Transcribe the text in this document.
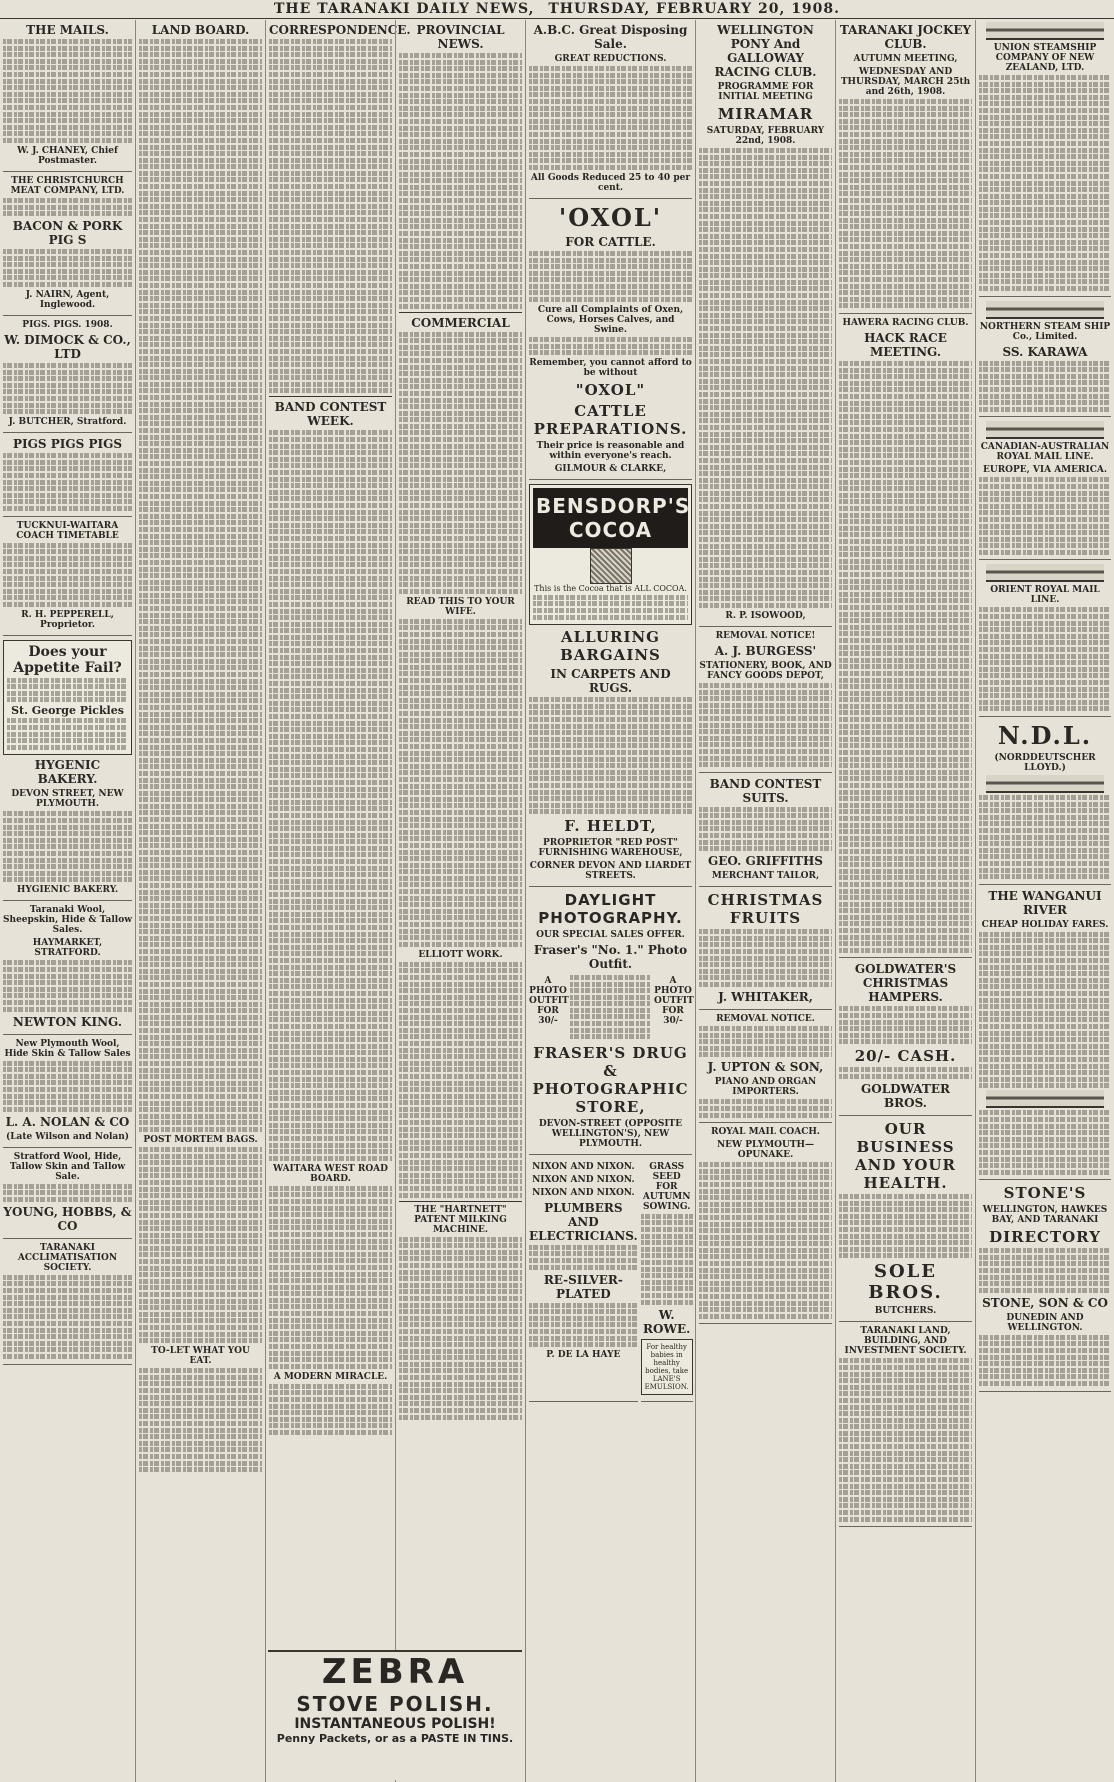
THE TARANAKI DAILY NEWS, THURSDAY, FEBRUARY 20, 1908.
THE MAILS.
W. J. CHANEY, Chief Postmaster.
THE CHRISTCHURCH MEAT COMPANY, LTD.
BACON & PORK PIG S
J. NAIRN, Agent, Inglewood.
PIGS. PIGS. 1908.
W. DIMOCK & CO., LTD
J. BUTCHER, Stratford.
PIGS PIGS PIGS
TUCKNUI-WAITARA COACH TIMETABLE
R. H. PEPPERELL, Proprietor.
Does your Appetite Fail?
St. George Pickles
HYGENIC BAKERY.
DEVON STREET, NEW PLYMOUTH.
HYGIENIC BAKERY.
Taranaki Wool, Sheepskin, Hide & Tallow Sales.
HAYMARKET, STRATFORD.
NEWTON KING.
New Plymouth Wool, Hide Skin & Tallow Sales
L. A. NOLAN & CO
(Late Wilson and Nolan)
Stratford Wool, Hide, Tallow Skin and Tallow Sale.
YOUNG, HOBBS, & CO
TARANAKI ACCLIMATISATION SOCIETY.
LAND BOARD.
POST MORTEM BAGS.
TO-LET WHAT YOU EAT.
CORRESPONDENCE.
BAND CONTEST WEEK.
WAITARA WEST ROAD BOARD.
A MODERN MIRACLE.
PROVINCIAL NEWS.
COMMERCIAL
READ THIS TO YOUR WIFE.
ELLIOTT WORK.
THE "HARTNETT" PATENT MILKING MACHINE.
ZEBRA
STOVE POLISH.
INSTANTANEOUS POLISH!
Penny Packets, or as a PASTE IN TINS.
A.B.C. Great Disposing Sale.
GREAT REDUCTIONS.
All Goods Reduced 25 to 40 per cent.
'OXOL'
FOR CATTLE.
Cure all Complaints of Oxen, Cows, Horses Calves, and Swine.
Remember, you cannot afford to be without
"OXOL"
CATTLE PREPARATIONS.
Their price is reasonable and within everyone's reach.
GILMOUR & CLARKE,
BENSDORP'S COCOA
This is the Cocoa that is ALL COCOA.
ALLURING BARGAINS
IN CARPETS AND RUGS.
F. HELDT,
PROPRIETOR "RED POST" FURNISHING WAREHOUSE,
CORNER DEVON AND LIARDET STREETS.
DAYLIGHT PHOTOGRAPHY.
OUR SPECIAL SALES OFFER.
Fraser's "No. 1." Photo Outfit.
A PHOTO OUTFIT FOR 30/-
A PHOTO OUTFIT FOR 30/-
FRASER'S DRUG & PHOTOGRAPHIC STORE,
DEVON-STREET (OPPOSITE WELLINGTON'S), NEW PLYMOUTH.
NIXON AND NIXON.
NIXON AND NIXON.
NIXON AND NIXON.
PLUMBERS AND ELECTRICIANS.
RE-SILVER-PLATED
P. DE LA HAYE
GRASS SEED FOR AUTUMN SOWING.
W. ROWE.
For healthy babies in healthy bodies, take LANE'S EMULSION.
WELLINGTON PONY And GALLOWAY RACING CLUB.
PROGRAMME FOR INITIAL MEETING
MIRAMAR
SATURDAY, FEBRUARY 22nd, 1908.
R. P. ISOWOOD,
REMOVAL NOTICE!
A. J. BURGESS'
STATIONERY, BOOK, AND FANCY GOODS DEPOT,
BAND CONTEST SUITS.
GEO. GRIFFITHS
MERCHANT TAILOR,
CHRISTMAS FRUITS
J. WHITAKER,
REMOVAL NOTICE.
J. UPTON & SON,
PIANO AND ORGAN IMPORTERS.
ROYAL MAIL COACH.
NEW PLYMOUTH—OPUNAKE.
TARANAKI JOCKEY CLUB.
AUTUMN MEETING,
WEDNESDAY AND THURSDAY, MARCH 25th and 26th, 1908.
HAWERA RACING CLUB.
HACK RACE MEETING.
GOLDWATER'S CHRISTMAS HAMPERS.
20/- CASH.
GOLDWATER BROS.
OUR BUSINESS AND YOUR HEALTH.
SOLE BROS.
BUTCHERS.
TARANAKI LAND, BUILDING, AND INVESTMENT SOCIETY.
UNION STEAMSHIP COMPANY OF NEW ZEALAND, LTD.
NORTHERN STEAM SHIP Co., Limited.
SS. KARAWA
CANADIAN-AUSTRALIAN ROYAL MAIL LINE.
EUROPE, VIA AMERICA.
ORIENT ROYAL MAIL LINE.
N.D.L.
(NORDDEUTSCHER LLOYD.)
THE WANGANUI RIVER
CHEAP HOLIDAY FARES.
STONE'S
WELLINGTON, HAWKES BAY, AND TARANAKI
DIRECTORY
STONE, SON & CO
DUNEDIN AND WELLINGTON.
